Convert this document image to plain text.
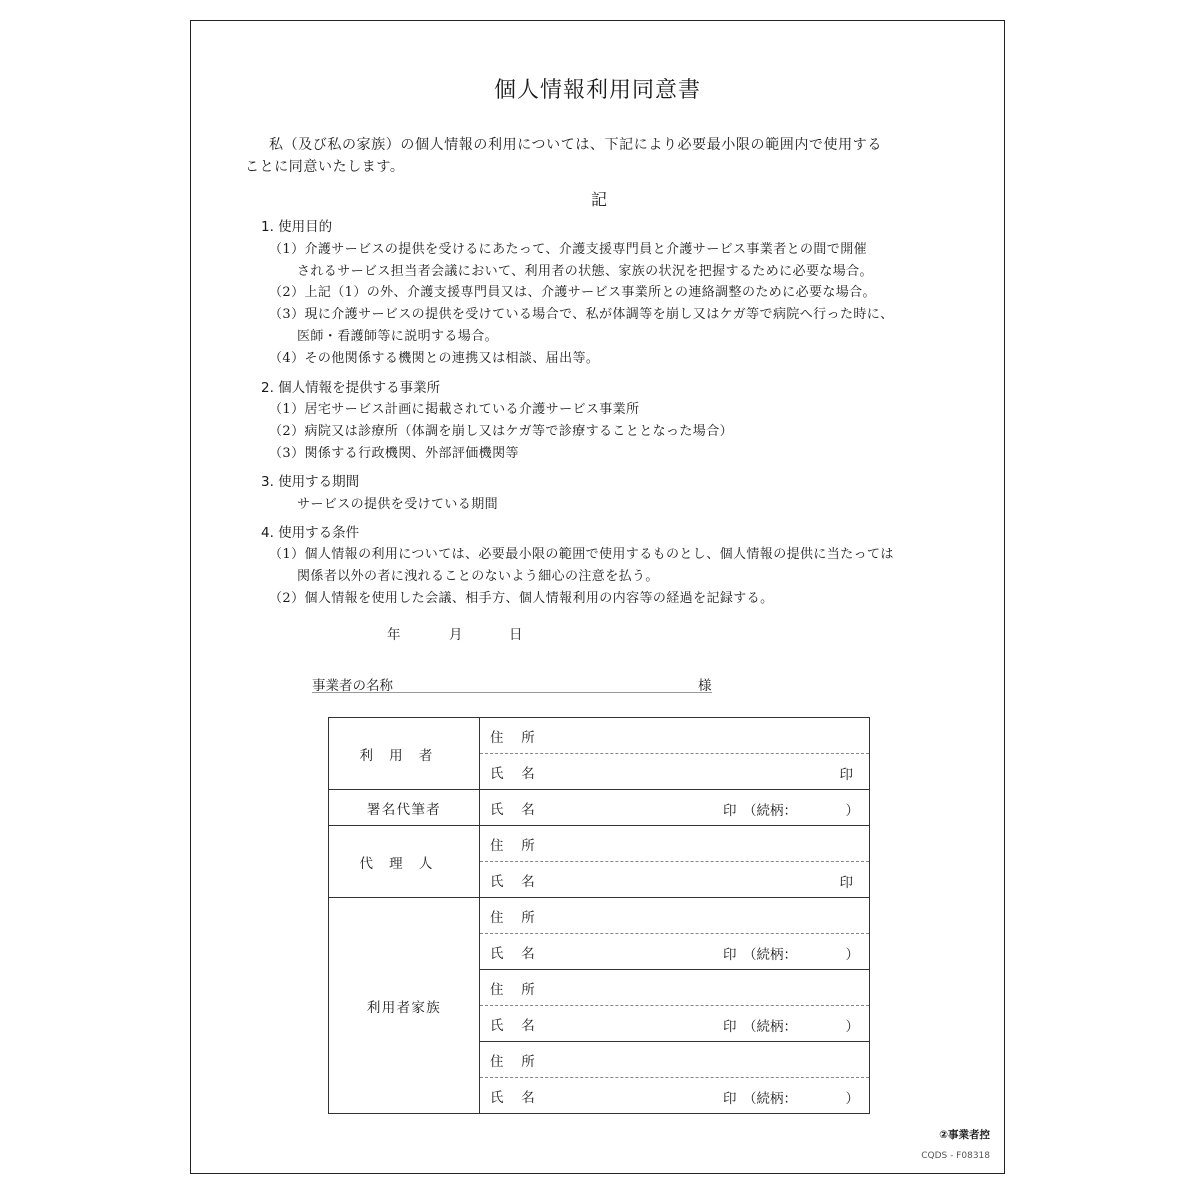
個人情報利用同意書
私（及び私の家族）の個人情報の利用については、下記により必要最小限の範囲内で使用する
ことに同意いたします。
記
1. 使用目的
（1）介護サービスの提供を受けるにあたって、介護支援専門員と介護サービス事業者との間で開催
されるサービス担当者会議において、利用者の状態、家族の状況を把握するために必要な場合。
（2）上記（1）の外、介護支援専門員又は、介護サービス事業所との連絡調整のために必要な場合。
（3）現に介護サービスの提供を受けている場合で、私が体調等を崩し又はケガ等で病院へ行った時に、
医師・看護師等に説明する場合。
（4）その他関係する機関との連携又は相談、届出等。
2. 個人情報を提供する事業所
（1）居宅サービス計画に掲載されている介護サービス事業所
（2）病院又は診療所（体調を崩し又はケガ等で診療することとなった場合）
（3）関係する行政機関、外部評価機関等
3. 使用する期間
サービスの提供を受けている期間
4. 使用する条件
（1）個人情報の利用については、必要最小限の範囲で使用するものとし、個人情報の提供に当たっては
関係者以外の者に洩れることのないよう細心の注意を払う。
（2）個人情報を使用した会議、相手方、個人情報利用の内容等の経過を記録する。
年	月	日
事業者の名称	様
利用者	住 所
	氏 名 印

署名代筆者	氏 名 印 （続柄： ）

代理人	住 所
	氏 名 印

利用者家族	住 所
	氏 名 印 （続柄： ）

	住 所
	氏 名 印 （続柄： ）

	住 所
	氏 名 印 （続柄： ）
②事業者控
CQDS - F08318
